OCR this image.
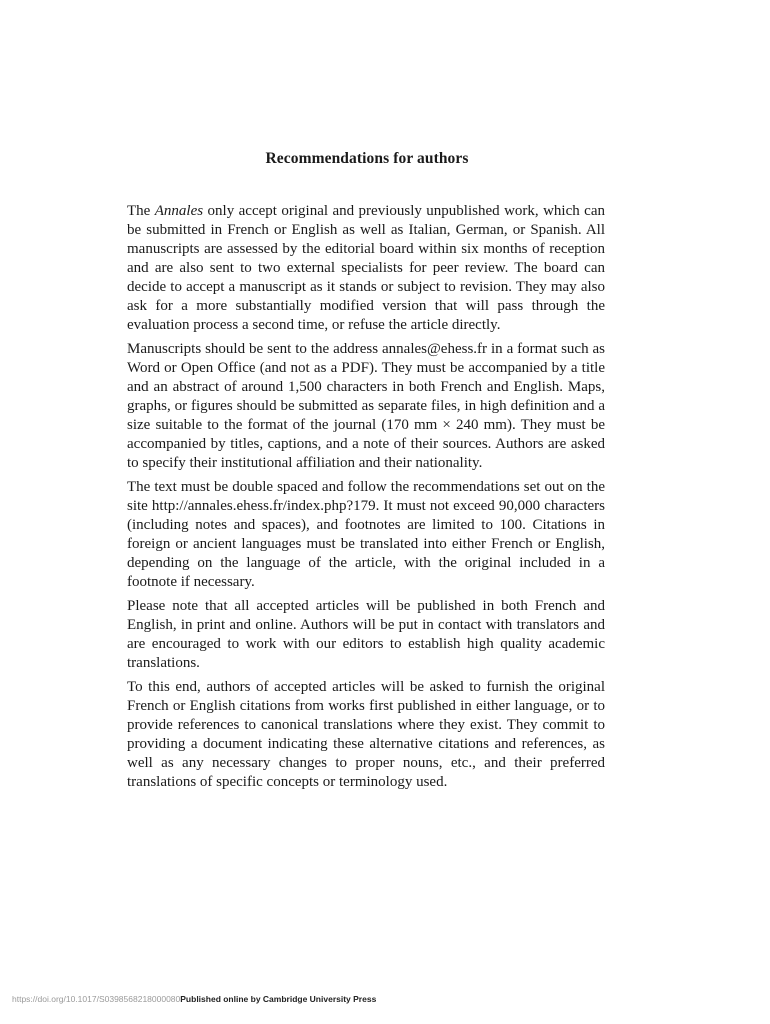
Recommendations for authors

The Annales only accept original and previously unpublished work, which can be submitted in French or English as well as Italian, German, or Spanish. All manuscripts are assessed by the editorial board within six months of reception and are also sent to two external specialists for peer review. The board can decide to accept a manuscript as it stands or subject to revision. They may also ask for a more substantially modified version that will pass through the evaluation process a second time, or refuse the article directly.

Manuscripts should be sent to the address annales@ehess.fr in a format such as Word or Open Office (and not as a PDF). They must be accompanied by a title and an abstract of around 1,500 characters in both French and English. Maps, graphs, or figures should be submitted as separate files, in high definition and a size suitable to the format of the journal (170 mm × 240 mm). They must be accompanied by titles, captions, and a note of their sources. Authors are asked to specify their institutional affiliation and their nationality.

The text must be double spaced and follow the recommendations set out on the site http://annales.ehess.fr/index.php?179. It must not exceed 90,000 characters (including notes and spaces), and footnotes are limited to 100. Citations in foreign or ancient languages must be translated into either French or English, depending on the language of the article, with the original included in a footnote if necessary.

Please note that all accepted articles will be published in both French and English, in print and online. Authors will be put in contact with translators and are encouraged to work with our editors to establish high quality academic translations.

To this end, authors of accepted articles will be asked to furnish the original French or English citations from works first published in either language, or to provide references to canonical translations where they exist. They commit to providing a document indicating these alternative citations and references, as well as any necessary changes to proper nouns, etc., and their preferred translations of specific concepts or terminology used.

https://doi.org/10.1017/S0398568218000080Published online by Cambridge University Press
